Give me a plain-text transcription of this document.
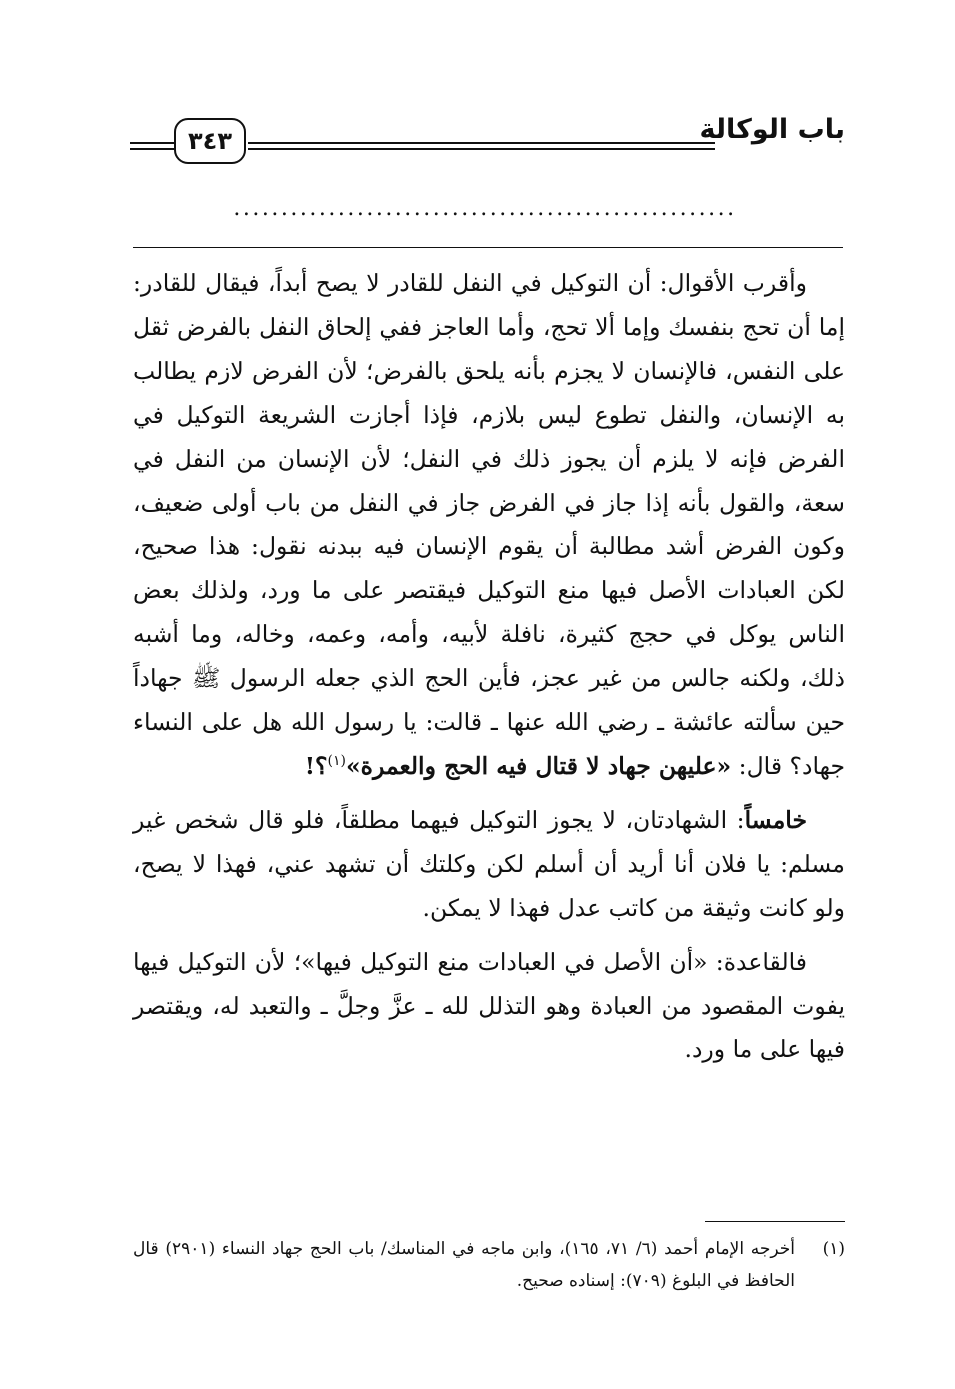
باب الوكالة
٣٤٣
.....................................................

وأقرب الأقوال: أن التوكيل في النفل للقادر لا يصح أبداً، فيقال للقادر: إما أن تحج بنفسك وإما ألا تحج، وأما العاجز ففي إلحاق النفل بالفرض ثقل على النفس، فالإنسان لا يجزم بأنه يلحق بالفرض؛ لأن الفرض لازم يطالب به الإنسان، والنفل تطوع ليس بلازم، فإذا أجازت الشريعة التوكيل في الفرض فإنه لا يلزم أن يجوز ذلك في النفل؛ لأن الإنسان من النفل في سعة، والقول بأنه إذا جاز في الفرض جاز في النفل من باب أولى ضعيف، وكون الفرض أشد مطالبة أن يقوم الإنسان فيه ببدنه نقول: هذا صحيح، لكن العبادات الأصل فيها منع التوكيل فيقتصر على ما ورد، ولذلك بعض الناس يوكل في حجج كثيرة، نافلة لأبيه، وأمه، وعمه، وخاله، وما أشبه ذلك، ولكنه جالس من غير عجز، فأين الحج الذي جعله الرسول ﷺ جهاداً حين سألته عائشة ـ رضي الله عنها ـ قالت: يا رسول الله هل على النساء جهاد؟ قال: «عليهن جهاد لا قتال فيه الحج والعمرة»$^{(١)}$؟!

خامساً: الشهادتان، لا يجوز التوكيل فيهما مطلقاً، فلو قال شخص غير مسلم: يا فلان أنا أريد أن أسلم لكن وكلتك أن تشهد عني، فهذا لا يصح، ولو كانت وثيقة من كاتب عدل فهذا لا يمكن.

فالقاعدة: «أن الأصل في العبادات منع التوكيل فيها»؛ لأن التوكيل فيها يفوت المقصود من العبادة وهو التذلل لله ـ عزَّ وجلَّ ـ والتعبد له، ويقتصر فيها على ما ورد.

(١)
أخرجه الإمام أحمد (٦/ ٧١، ١٦٥)، وابن ماجه في المناسك/ باب الحج جهاد النساء (٢٩٠١) قال الحافظ في البلوغ (٧٠٩): إسناده صحيح.
